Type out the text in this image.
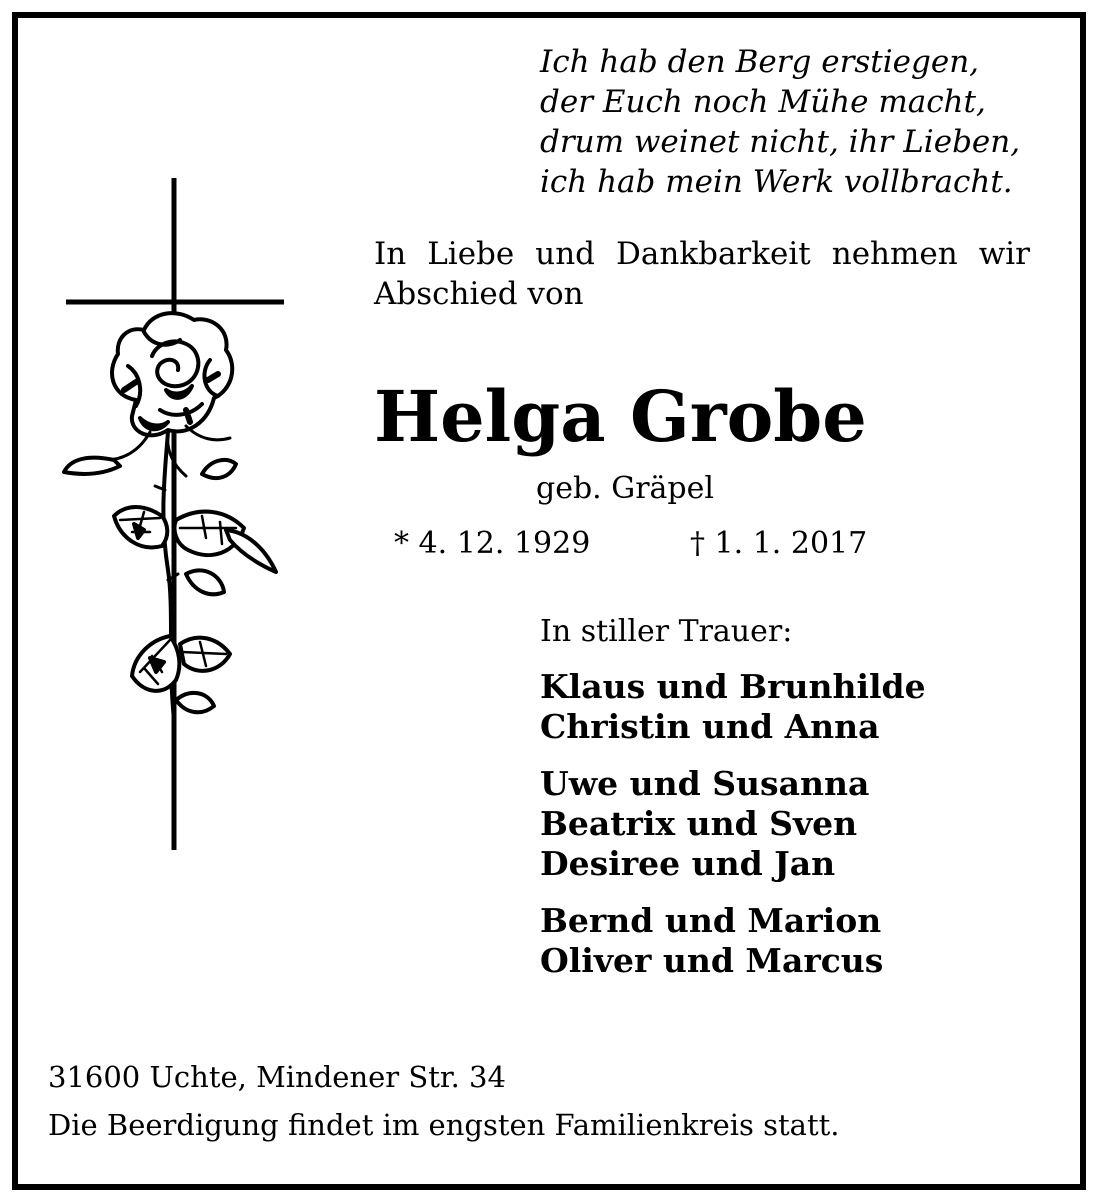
Ich hab den Berg erstiegen,
der Euch noch Mühe macht,
drum weinet nicht, ihr Lieben,
ich hab mein Werk vollbracht.
In Liebe und Dankbarkeit nehmen wir Abschied von
Helga Grobe
geb. Gräpel
* 4. 12. 1929	† 1. 1. 2017
In stiller Trauer:
Klaus und Brunhilde
Christin und Anna
Uwe und Susanna
Beatrix und Sven
Desiree und Jan
Bernd und Marion
Oliver und Marcus
31600 Uchte, Mindener Str. 34
Die Beerdigung findet im engsten Familienkreis statt.
